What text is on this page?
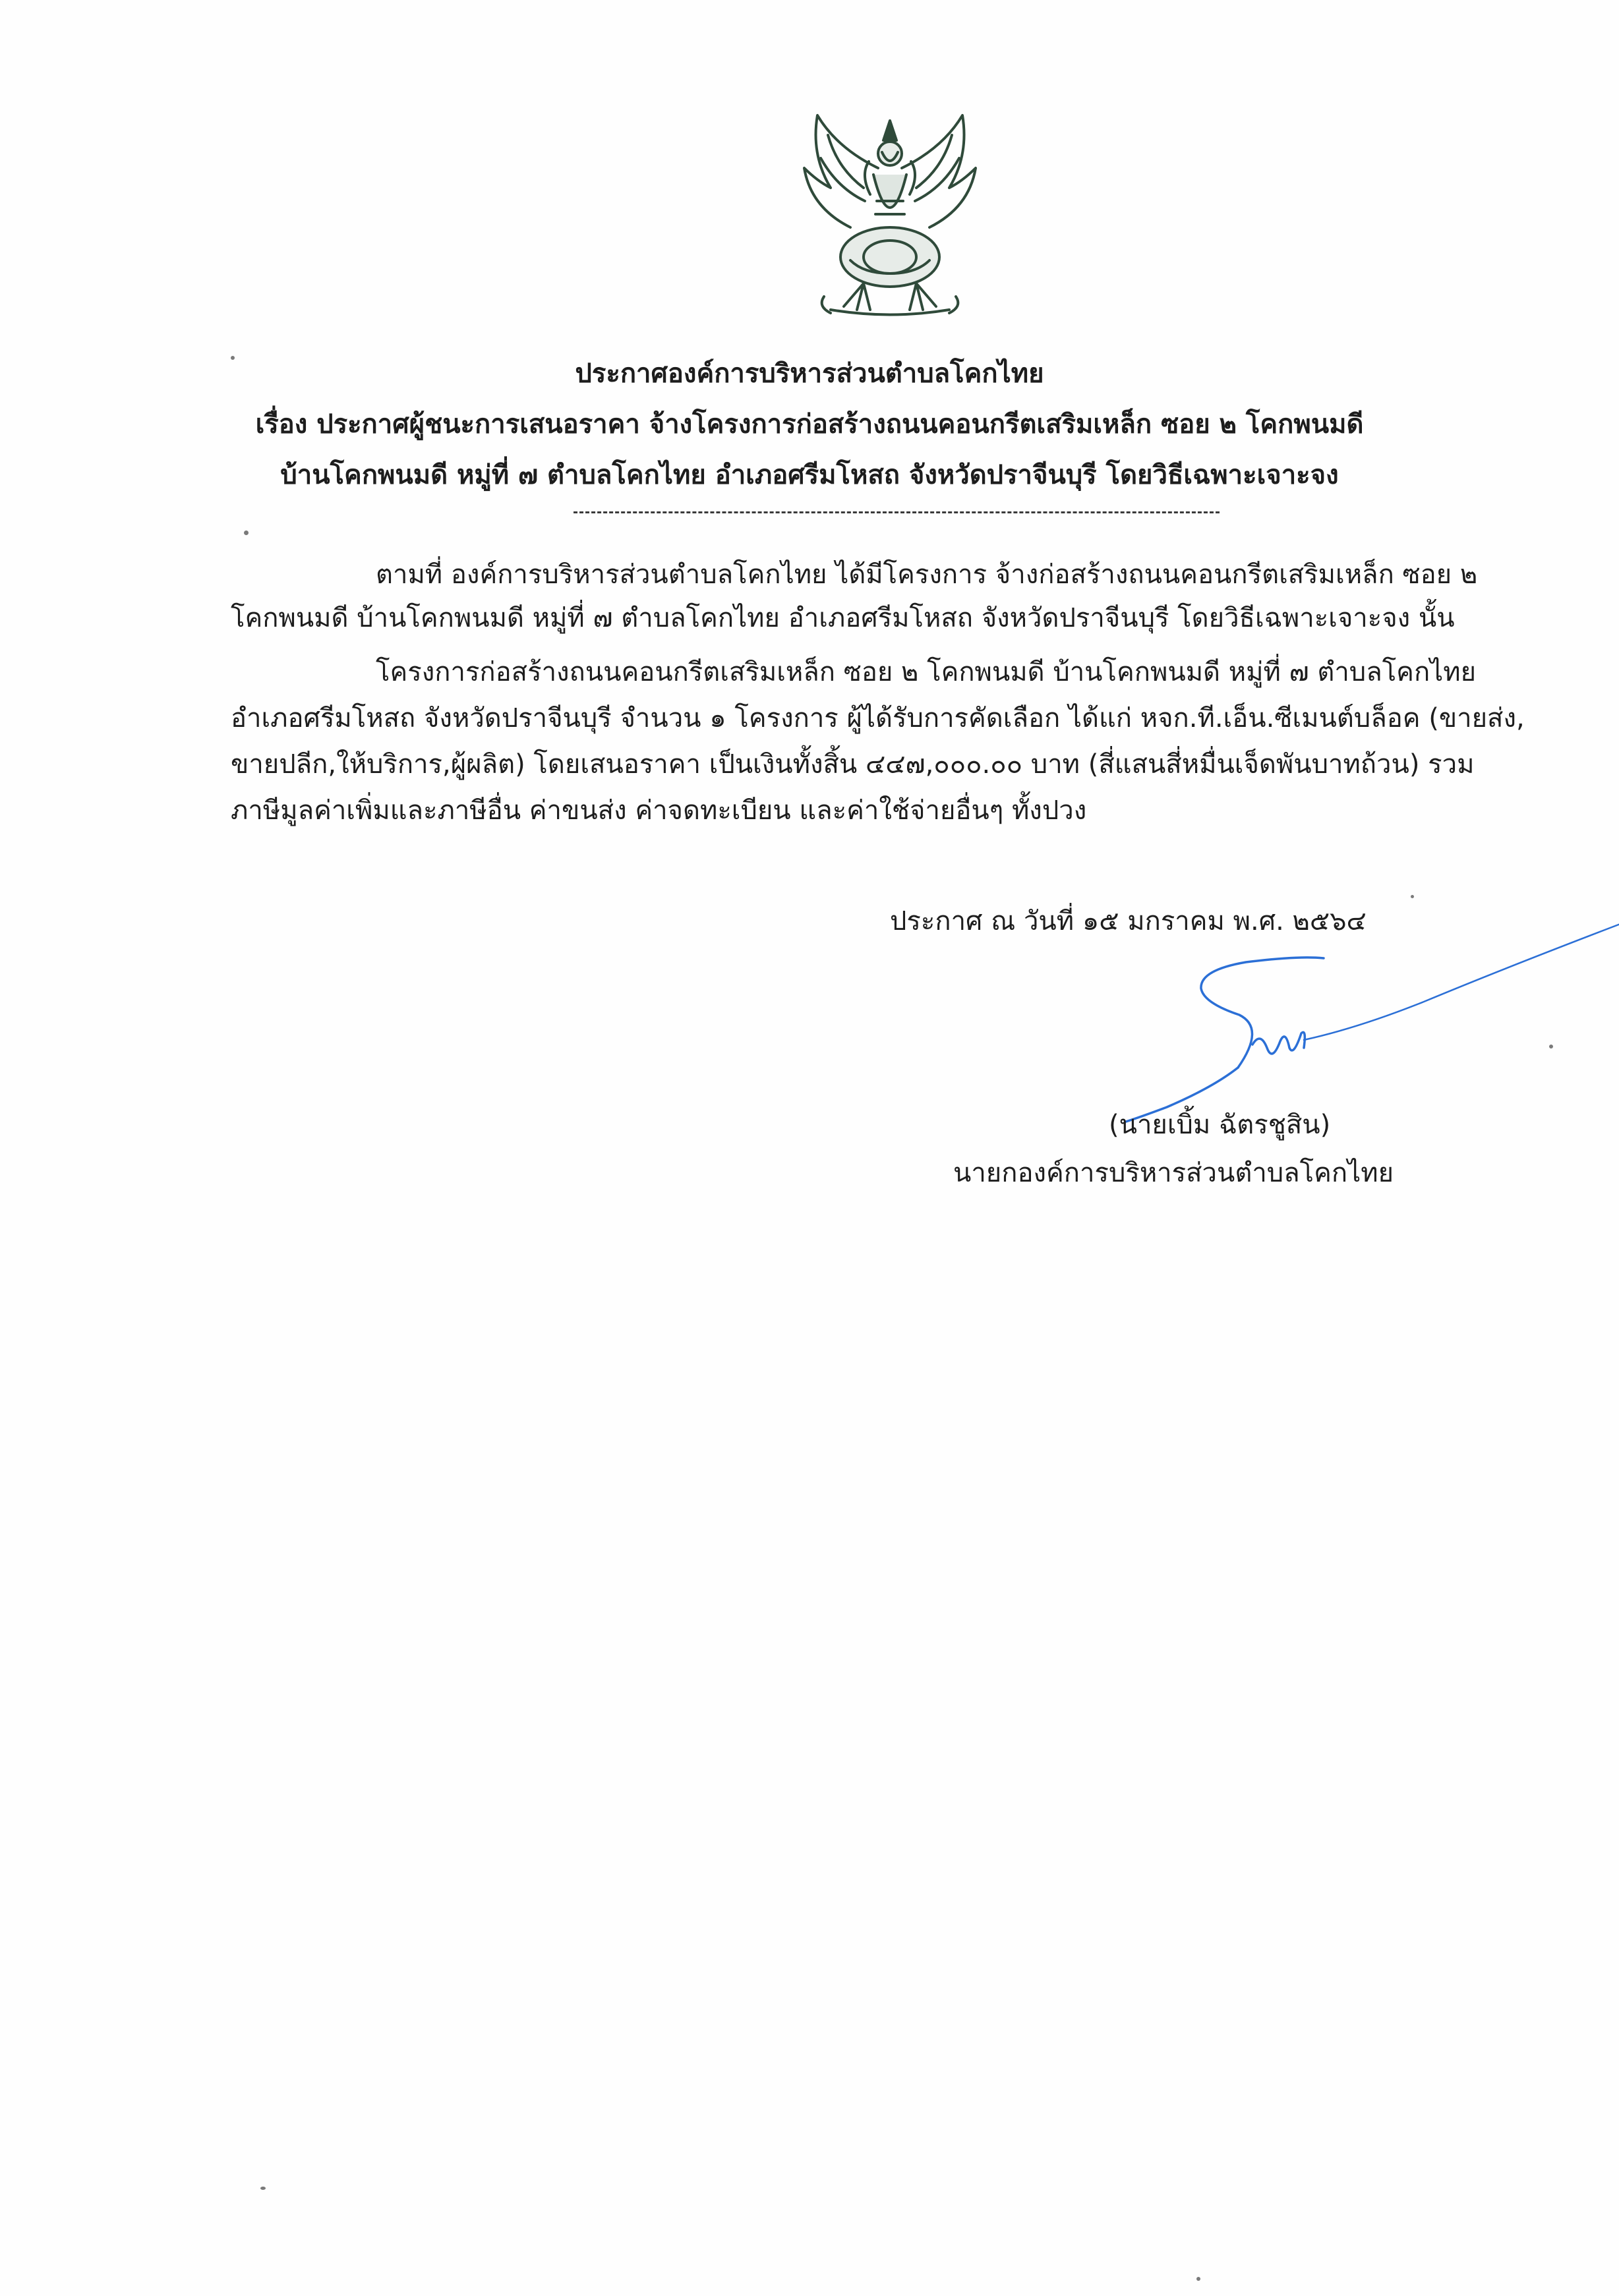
ประกาศองค์การบริหารส่วนตำบลโคกไทย
เรื่อง ประกาศผู้ชนะการเสนอราคา จ้างโครงการก่อสร้างถนนคอนกรีตเสริมเหล็ก ซอย ๒ โคกพนมดี
บ้านโคกพนมดี หมู่ที่ ๗ ตำบลโคกไทย อำเภอศรีมโหสถ จังหวัดปราจีนบุรี โดยวิธีเฉพาะเจาะจง
ตามที่ องค์การบริหารส่วนตำบลโคกไทย ได้มีโครงการ จ้างก่อสร้างถนนคอนกรีตเสริมเหล็ก ซอย ๒
โคกพนมดี บ้านโคกพนมดี หมู่ที่ ๗ ตำบลโคกไทย อำเภอศรีมโหสถ จังหวัดปราจีนบุรี โดยวิธีเฉพาะเจาะจง นั้น
โครงการก่อสร้างถนนคอนกรีตเสริมเหล็ก ซอย ๒ โคกพนมดี บ้านโคกพนมดี หมู่ที่ ๗ ตำบลโคกไทย
อำเภอศรีมโหสถ จังหวัดปราจีนบุรี จำนวน ๑ โครงการ ผู้ได้รับการคัดเลือก ได้แก่ หจก.ที.เอ็น.ซีเมนต์บล็อค (ขายส่ง,
ขายปลีก,ให้บริการ,ผู้ผลิต) โดยเสนอราคา เป็นเงินทั้งสิ้น ๔๔๗,๐๐๐.๐๐ บาท (สี่แสนสี่หมื่นเจ็ดพันบาทถ้วน) รวม
ภาษีมูลค่าเพิ่มและภาษีอื่น ค่าขนส่ง ค่าจดทะเบียน และค่าใช้จ่ายอื่นๆ ทั้งปวง
ประกาศ ณ วันที่ ๑๕ มกราคม พ.ศ. ๒๕๖๔
(นายเบิ้ม ฉัตรชูสิน)
นายกองค์การบริหารส่วนตำบลโคกไทย
